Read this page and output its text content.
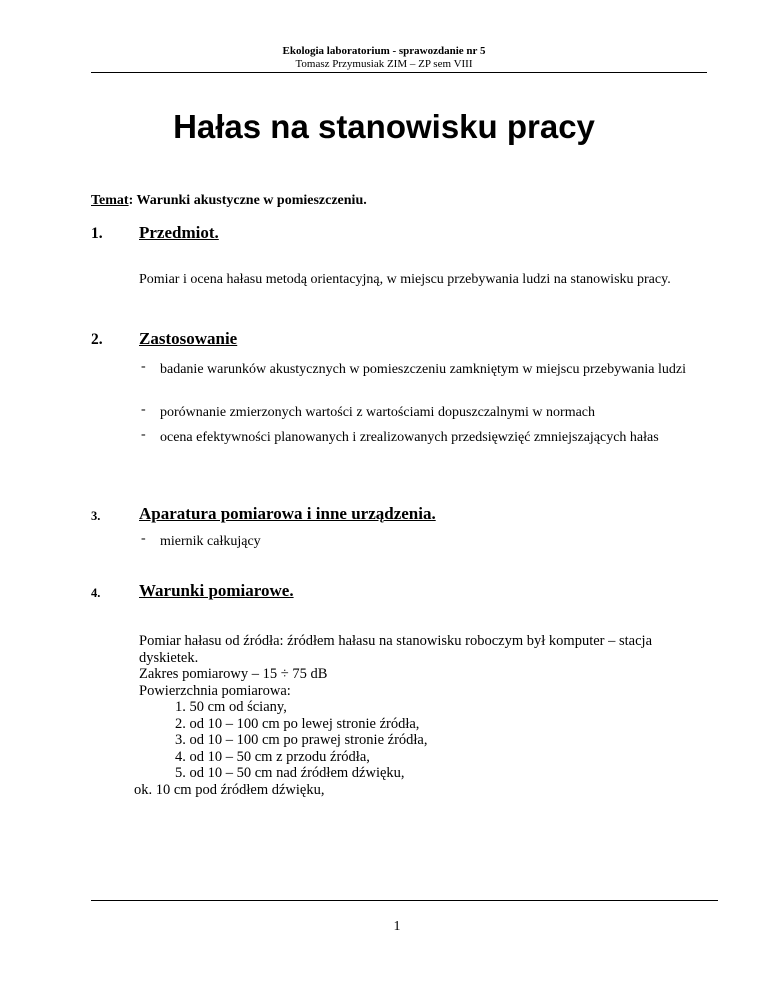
Ekologia laboratorium - sprawozdanie nr 5
Tomasz Przymusiak ZIM – ZP sem VIII
Hałas na stanowisku pracy
Temat: Warunki akustyczne w pomieszczeniu.
1. Przedmiot.
Pomiar i ocena hałasu metodą orientacyjną, w miejscu przebywania ludzi na stanowisku pracy.
2. Zastosowanie
- badanie warunków akustycznych w pomieszczeniu zamkniętym w miejscu przebywania ludzi
- porównanie zmierzonych wartości z wartościami dopuszczalnymi w normach
- ocena efektywności planowanych i zrealizowanych przedsięwzięć zmniejszających hałas
3. Aparatura pomiarowa i inne urządzenia.
- miernik całkujący
4. Warunki pomiarowe.
Pomiar hałasu od źródła: źródłem hałasu na stanowisku roboczym był komputer – stacja dyskietek.
Zakres pomiarowy – 15 ÷ 75 dB
Powierzchnia pomiarowa:
1. 50 cm od ściany,
2. od 10 – 100 cm po lewej stronie źródła,
3. od 10 – 100 cm po prawej stronie źródła,
4. od 10 – 50 cm z przodu źródła,
5. od 10 – 50 cm nad źródłem dźwięku,
ok. 10 cm pod źródłem dźwięku,
1
